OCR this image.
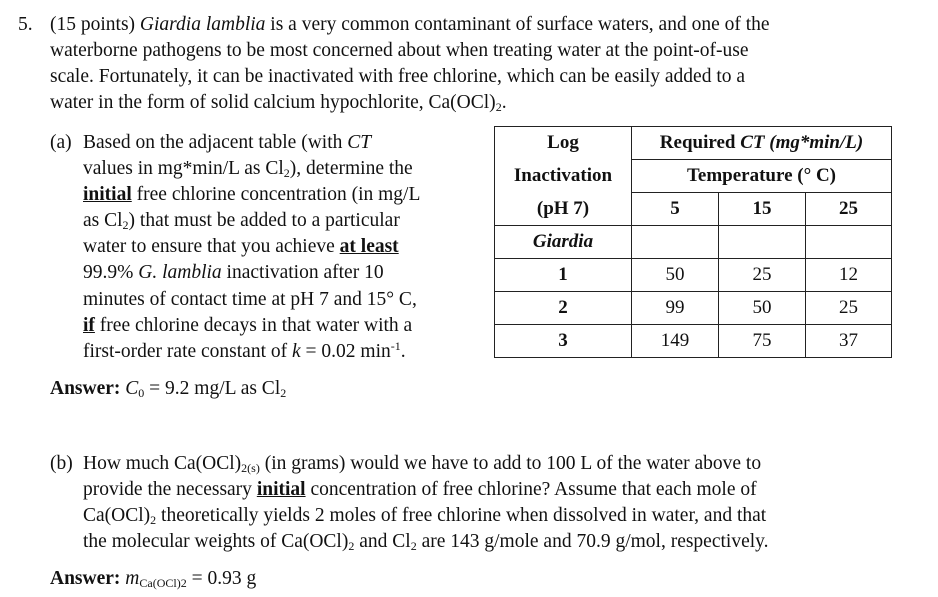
5. (15 points) Giardia lamblia is a very common contaminant of surface waters, and one of the
waterborne pathogens to be most concerned about when treating water at the point-of-use
scale. Fortunately, it can be inactivated with free chlorine, which can be easily added to a
water in the form of solid calcium hypochlorite, $Ca(OCl)_2$.
(a) Based on the adjacent table (with CT
values in mg*min/L as $Cl_2$), determine the
initial free chlorine concentration (in mg/L
as $Cl_2$) that must be added to a particular
water to ensure that you achieve at least
99.9% G. lamblia inactivation after 10
minutes of contact time at pH 7 and 15° C,
if free chlorine decays in that water with a
first-order rate constant of k = 0.02 $\min^{-1}$.
Answer: $C_0 = 9.2$ mg/L as $Cl_2$
Log	Required CT (mg*min/L)		
Inactivation	Temperature (° C)		
(pH 7)	5	15	25
Giardia			
1	50	25	12
2	99	50	25
3	149	75	37
(b) How much $Ca(OCl)_{2(s)}$ (in grams) would we have to add to 100 L of the water above to
provide the necessary initial concentration of free chlorine? Assume that each mole of
$Ca(OCl)_2$ theoretically yields 2 moles of free chlorine when dissolved in water, and that
the molecular weights of $Ca(OCl)_2$ and $Cl_2$ are 143 g/mole and 70.9 g/mol, respectively.
Answer: $m_{Ca(OCl)2} = 0.93$ g
